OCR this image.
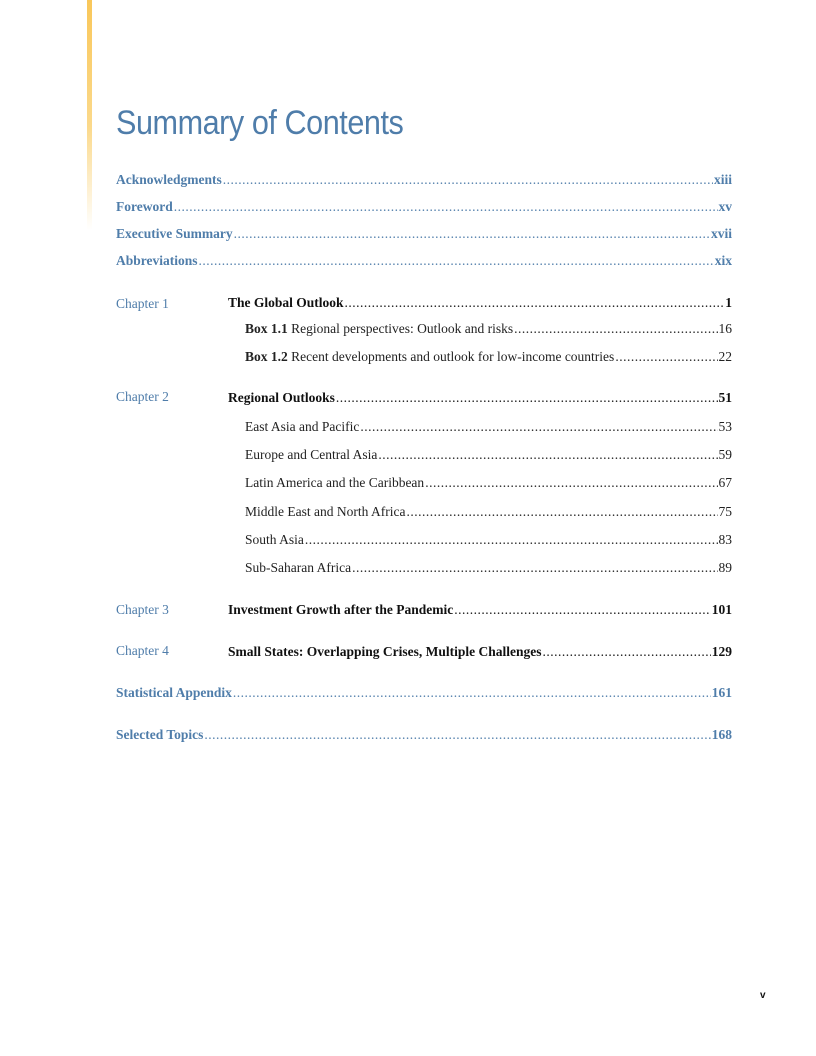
Summary of Contents
Acknowledgments .....	xiii
Foreword .....	xv
Executive Summary .....	xvii
Abbreviations .....	xix
Chapter 1	The Global Outlook .....	1
Box 1.1 Regional perspectives: Outlook and risks .....	16
Box 1.2 Recent developments and outlook for low-income countries .....	22
Chapter 2	Regional Outlooks .....	51
East Asia and Pacific .....	53
Europe and Central Asia .....	59
Latin America and the Caribbean .....	67
Middle East and North Africa .....	75
South Asia .....	83
Sub-Saharan Africa .....	89
Chapter 3	Investment Growth after the Pandemic .....	101
Chapter 4	Small States: Overlapping Crises, Multiple Challenges .....	129
Statistical Appendix .....	161
Selected Topics .....	168
v
